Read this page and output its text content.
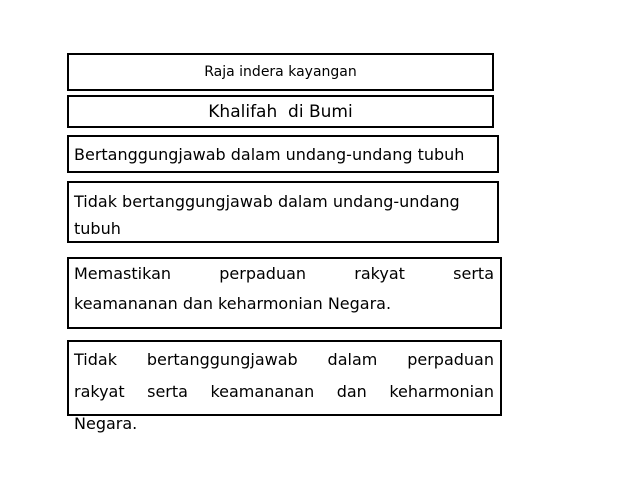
Raja indera kayangan
Khalifah  di Bumi
Bertanggungjawab dalam undang-undang tubuh
Tidak bertanggungjawab dalam undang-undang
tubuh
Memastikan perpaduan rakyat serta
keamananan dan keharmonian Negara.
Tidak bertanggungjawab dalam perpaduan
rakyat serta keamananan dan keharmonian
Negara.
